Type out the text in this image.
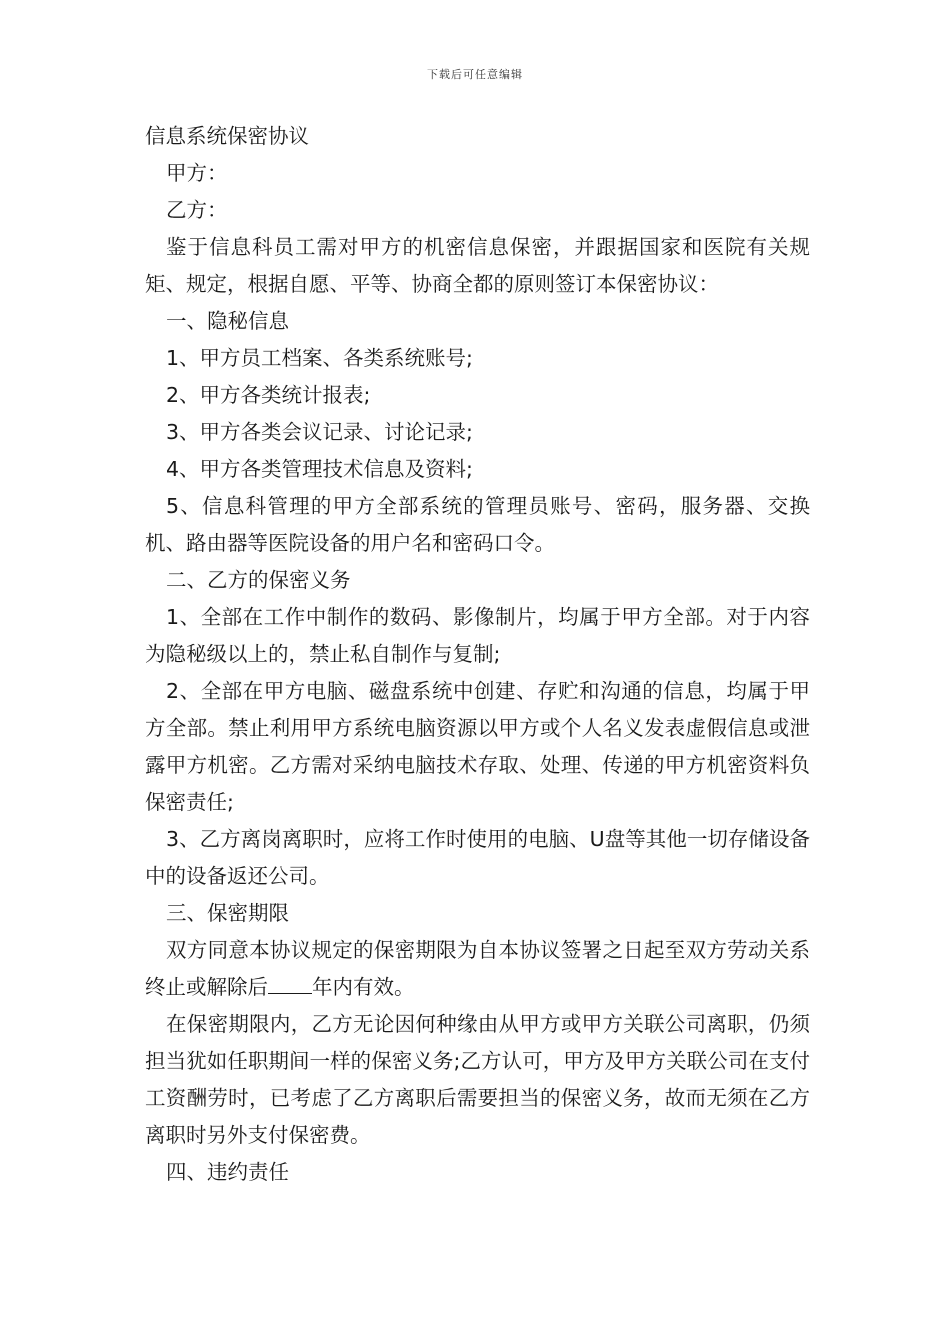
下载后可任意编辑

信息系统保密协议

甲方：

乙方：

鉴于信息科员工需对甲方的机密信息保密，并跟据国家和医院有关规矩、规定，根据自愿、平等、协商全都的原则签订本保密协议：

一、隐秘信息

1、甲方员工档案、各类系统账号;

2、甲方各类统计报表;

3、甲方各类会议记录、讨论记录;

4、甲方各类管理技术信息及资料;

5、信息科管理的甲方全部系统的管理员账号、密码，服务器、交换机、路由器等医院设备的用户名和密码口令。

二、乙方的保密义务

1、全部在工作中制作的数码、影像制片，均属于甲方全部。对于内容为隐秘级以上的，禁止私自制作与复制;

2、全部在甲方电脑、磁盘系统中创建、存贮和沟通的信息，均属于甲方全部。禁止利用甲方系统电脑资源以甲方或个人名义发表虚假信息或泄露甲方机密。乙方需对采纳电脑技术存取、处理、传递的甲方机密资料负保密责任;

3、乙方离岗离职时，应将工作时使用的电脑、U盘等其他一切存储设备中的设备返还公司。

三、保密期限

双方同意本协议规定的保密期限为自本协议签署之日起至双方劳动关系终止或解除后 年内有效。

在保密期限内，乙方无论因何种缘由从甲方或甲方关联公司离职，仍须担当犹如任职期间一样的保密义务;乙方认可，甲方及甲方关联公司在支付工资酬劳时，已考虑了乙方离职后需要担当的保密义务，故而无须在乙方离职时另外支付保密费。

四、违约责任
